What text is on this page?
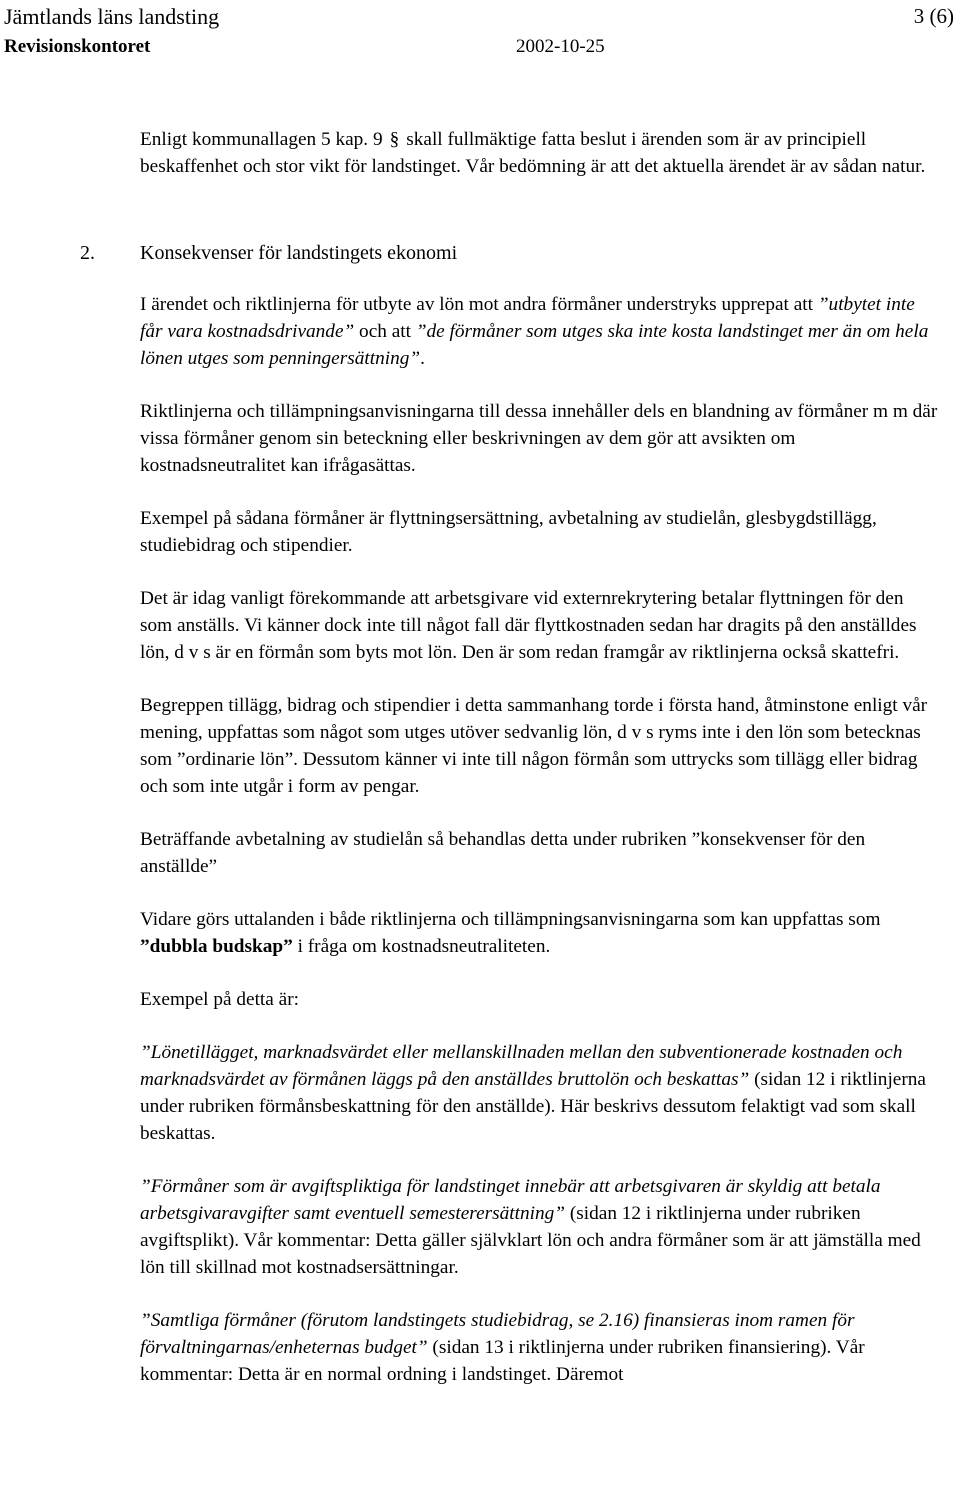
Jämtlands läns landsting
Revisionskontoret	2002-10-25
3 (6)

Enligt kommunallagen 5 kap. 9 § skall fullmäktige fatta beslut i ärenden som är av principiell beskaffenhet och stor vikt för landstinget. Vår bedömning är att det aktuella ärendet är av sådan natur.

2.	Konsekvenser för landstingets ekonomi

I ärendet och riktlinjerna för utbyte av lön mot andra förmåner understryks upprepat att ”utbytet inte får vara kostnadsdrivande” och att ”de förmåner som utges ska inte kosta landstinget mer än om hela lönen utges som penningersättning”.

Riktlinjerna och tillämpningsanvisningarna till dessa innehåller dels en blandning av förmåner m m där vissa förmåner genom sin beteckning eller beskrivningen av dem gör att avsikten om kostnadsneutralitet kan ifrågasättas.

Exempel på sådana förmåner är flyttningsersättning, avbetalning av studielån, glesbygdstillägg, studiebidrag och stipendier.

Det är idag vanligt förekommande att arbetsgivare vid externrekrytering betalar flyttningen för den som anställs. Vi känner dock inte till något fall där flyttkostnaden sedan har dragits på den anställdes lön, d v s är en förmån som byts mot lön. Den är som redan framgår av riktlinjerna också skattefri.

Begreppen tillägg, bidrag och stipendier i detta sammanhang torde i första hand, åtminstone enligt vår mening, uppfattas som något som utges utöver sedvanlig lön, d v s ryms inte i den lön som betecknas som ”ordinarie lön”. Dessutom känner vi inte till någon förmån som uttrycks som tillägg eller bidrag och som inte utgår i form av pengar.

Beträffande avbetalning av studielån så behandlas detta under rubriken ”konsekvenser för den anställde”

Vidare görs uttalanden i både riktlinjerna och tillämpningsanvisningarna som kan uppfattas som ”dubbla budskap” i fråga om kostnadsneutraliteten.

Exempel på detta är:

”Lönetillägget, marknadsvärdet eller mellanskillnaden mellan den subventionerade kostnaden och marknadsvärdet av förmånen läggs på den anställdes bruttolön och beskattas” (sidan 12 i riktlinjerna under rubriken förmånsbeskattning för den anställde). Här beskrivs dessutom felaktigt vad som skall beskattas.

”Förmåner som är avgiftspliktiga för landstinget innebär att arbetsgivaren är skyldig att betala arbetsgivaravgifter samt eventuell semesterersättning” (sidan 12 i riktlinjerna under rubriken avgiftsplikt). Vår kommentar: Detta gäller självklart lön och andra förmåner som är att jämställa med lön till skillnad mot kostnadsersättningar.

”Samtliga förmåner (förutom landstingets studiebidrag, se 2.16) finansieras inom ramen för förvaltningarnas/enheternas budget” (sidan 13 i riktlinjerna under rubriken finansiering). Vår kommentar: Detta är en normal ordning i landstinget. Däremot
